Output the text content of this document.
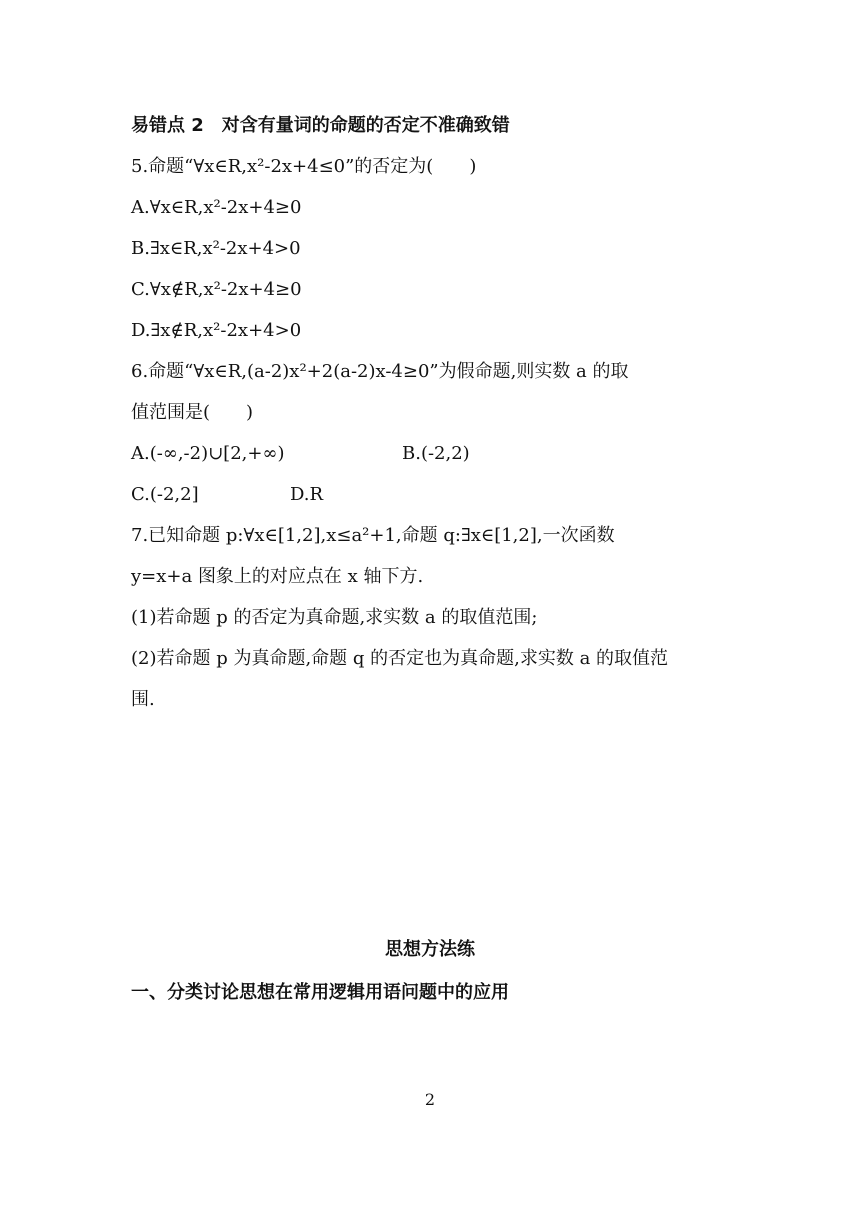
易错点 2 对含有量词的命题的否定不准确致错
5.命题“∀x∈R,x²-2x+4≤0”的否定为(　　)
A.∀x∈R,x²-2x+4≥0
B.∃x∈R,x²-2x+4>0
C.∀x∉R,x²-2x+4≥0
D.∃x∉R,x²-2x+4>0
6.命题“∀x∈R,(a-2)x²+2(a-2)x-4≥0”为假命题,则实数 a 的取
值范围是(　　)
A.(-∞,-2)∪[2,+∞)	B.(-2,2)
C.(-2,2]	D.R
7.已知命题 p:∀x∈[1,2],x≤a²+1,命题 q:∃x∈[1,2],一次函数
y=x+a 图象上的对应点在 x 轴下方.
(1)若命题 p 的否定为真命题,求实数 a 的取值范围;
(2)若命题 p 为真命题,命题 q 的否定也为真命题,求实数 a 的取值范
围.
思想方法练
一、分类讨论思想在常用逻辑用语问题中的应用
2
